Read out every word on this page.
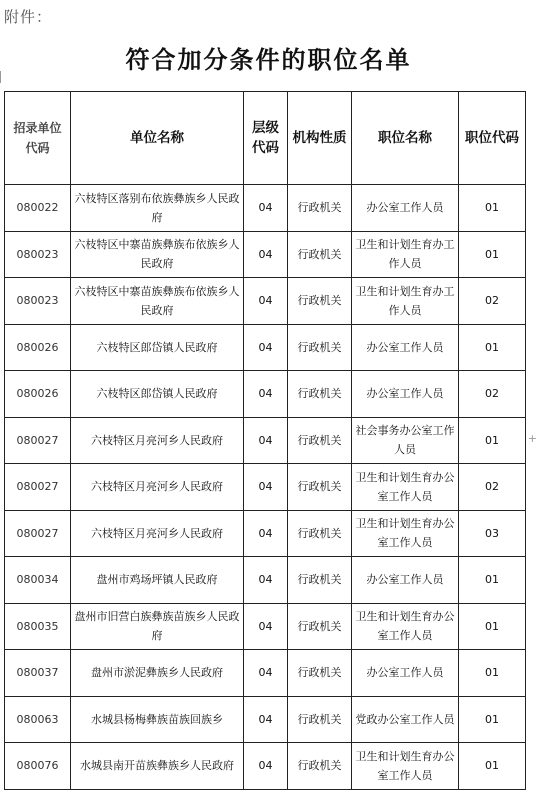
附件：
符合加分条件的职位名单
+
招录单位代码	单位名称	层级代码	机构性质	职位名称	职位代码
080022	六枝特区落别布依族彝族乡人民政府	04	行政机关	办公室工作人员	01
080023	六枝特区中寨苗族彝族布依族乡人民政府	04	行政机关	卫生和计划生育办工作人员	01
080023	六枝特区中寨苗族彝族布依族乡人民政府	04	行政机关	卫生和计划生育办工作人员	02
080026	六枝特区郎岱镇人民政府	04	行政机关	办公室工作人员	01
080026	六枝特区郎岱镇人民政府	04	行政机关	办公室工作人员	02
080027	六枝特区月亮河乡人民政府	04	行政机关	社会事务办公室工作人员	01
080027	六枝特区月亮河乡人民政府	04	行政机关	卫生和计划生育办公室工作人员	02
080027	六枝特区月亮河乡人民政府	04	行政机关	卫生和计划生育办公室工作人员	03
080034	盘州市鸡场坪镇人民政府	04	行政机关	办公室工作人员	01
080035	盘州市旧营白族彝族苗族乡人民政府	04	行政机关	卫生和计划生育办公室工作人员	01
080037	盘州市淤泥彝族乡人民政府	04	行政机关	办公室工作人员	01
080063	水城县杨梅彝族苗族回族乡	04	行政机关	党政办公室工作人员	01
080076	水城县南开苗族彝族乡人民政府	04	行政机关	卫生和计划生育办公室工作人员	01
